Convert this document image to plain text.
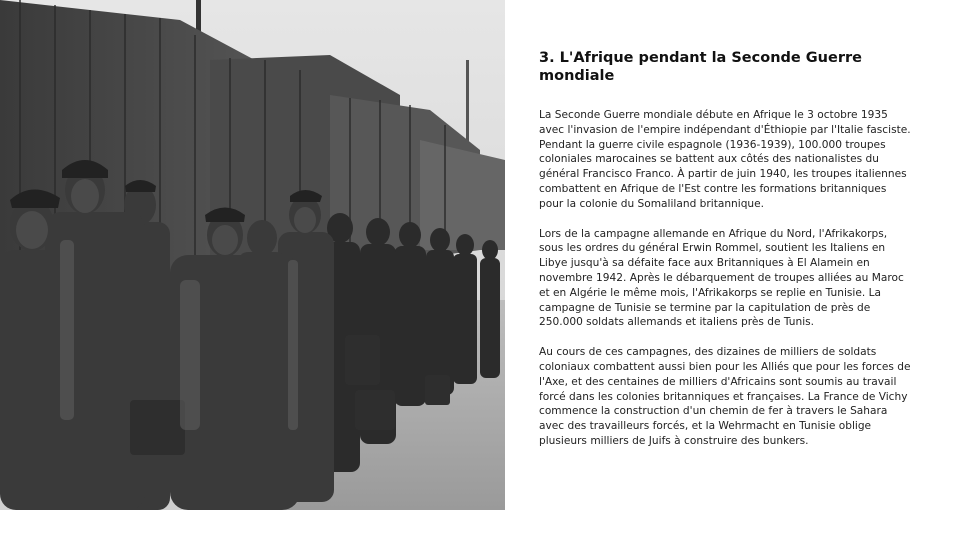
3. L'Afrique pendant la Seconde Guerre mondiale

La Seconde Guerre mondiale débute en Afrique le 3 octobre 1935 avec l'invasion de l'empire indépendant d'Éthiopie par l'Italie fasciste. Pendant la guerre civile espagnole (1936-1939), 100.000 troupes coloniales marocaines se battent aux côtés des nationalistes du général Francisco Franco. À partir de juin 1940, les troupes italiennes combattent en Afrique de l'Est contre les formations britanniques pour la colonie du Somaliland britannique.

Lors de la campagne allemande en Afrique du Nord, l'Afrikakorps, sous les ordres du général Erwin Rommel, soutient les Italiens en Libye jusqu'à sa défaite face aux Britanniques à El Alamein en novembre 1942. Après le débarquement de troupes alliées au Maroc et en Algérie le même mois, l'Afrikakorps se replie en Tunisie. La campagne de Tunisie se termine par la capitulation de près de 250.000 soldats allemands et italiens près de Tunis.

Au cours de ces campagnes, des dizaines de milliers de soldats coloniaux combattent aussi bien pour les Alliés que pour les forces de l'Axe, et des centaines de milliers d'Africains sont soumis au travail forcé dans les colonies britanniques et françaises. La France de Vichy commence la construction d'un chemin de fer à travers le Sahara avec des travailleurs forcés, et la Wehrmacht en Tunisie oblige plusieurs milliers de Juifs à construire des bunkers.
